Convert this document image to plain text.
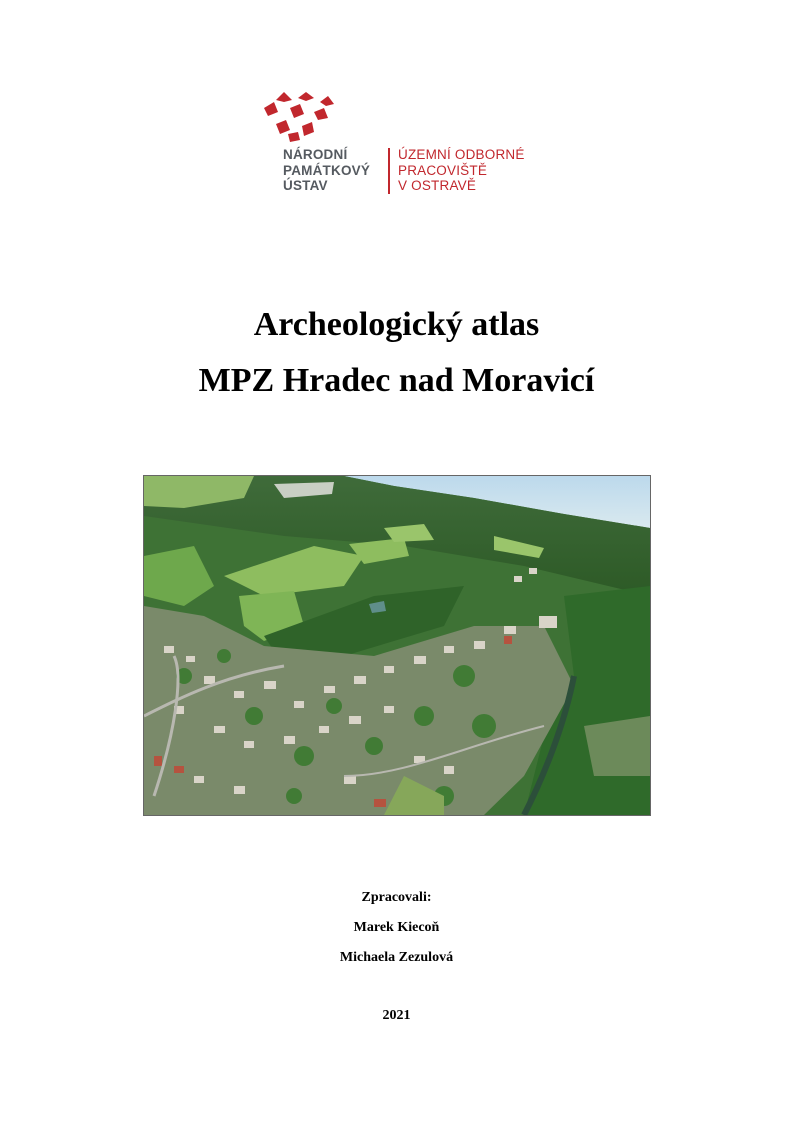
NÁRODNÍ
PAMÁTKOVÝ
ÚSTAV
ÚZEMNÍ ODBORNÉ
PRACOVIŠTĚ
V OSTRAVĚ
Archeologický atlas
MPZ Hradec nad Moravicí
Zpracovali:
Marek Kiecoň
Michaela Zezulová
2021
